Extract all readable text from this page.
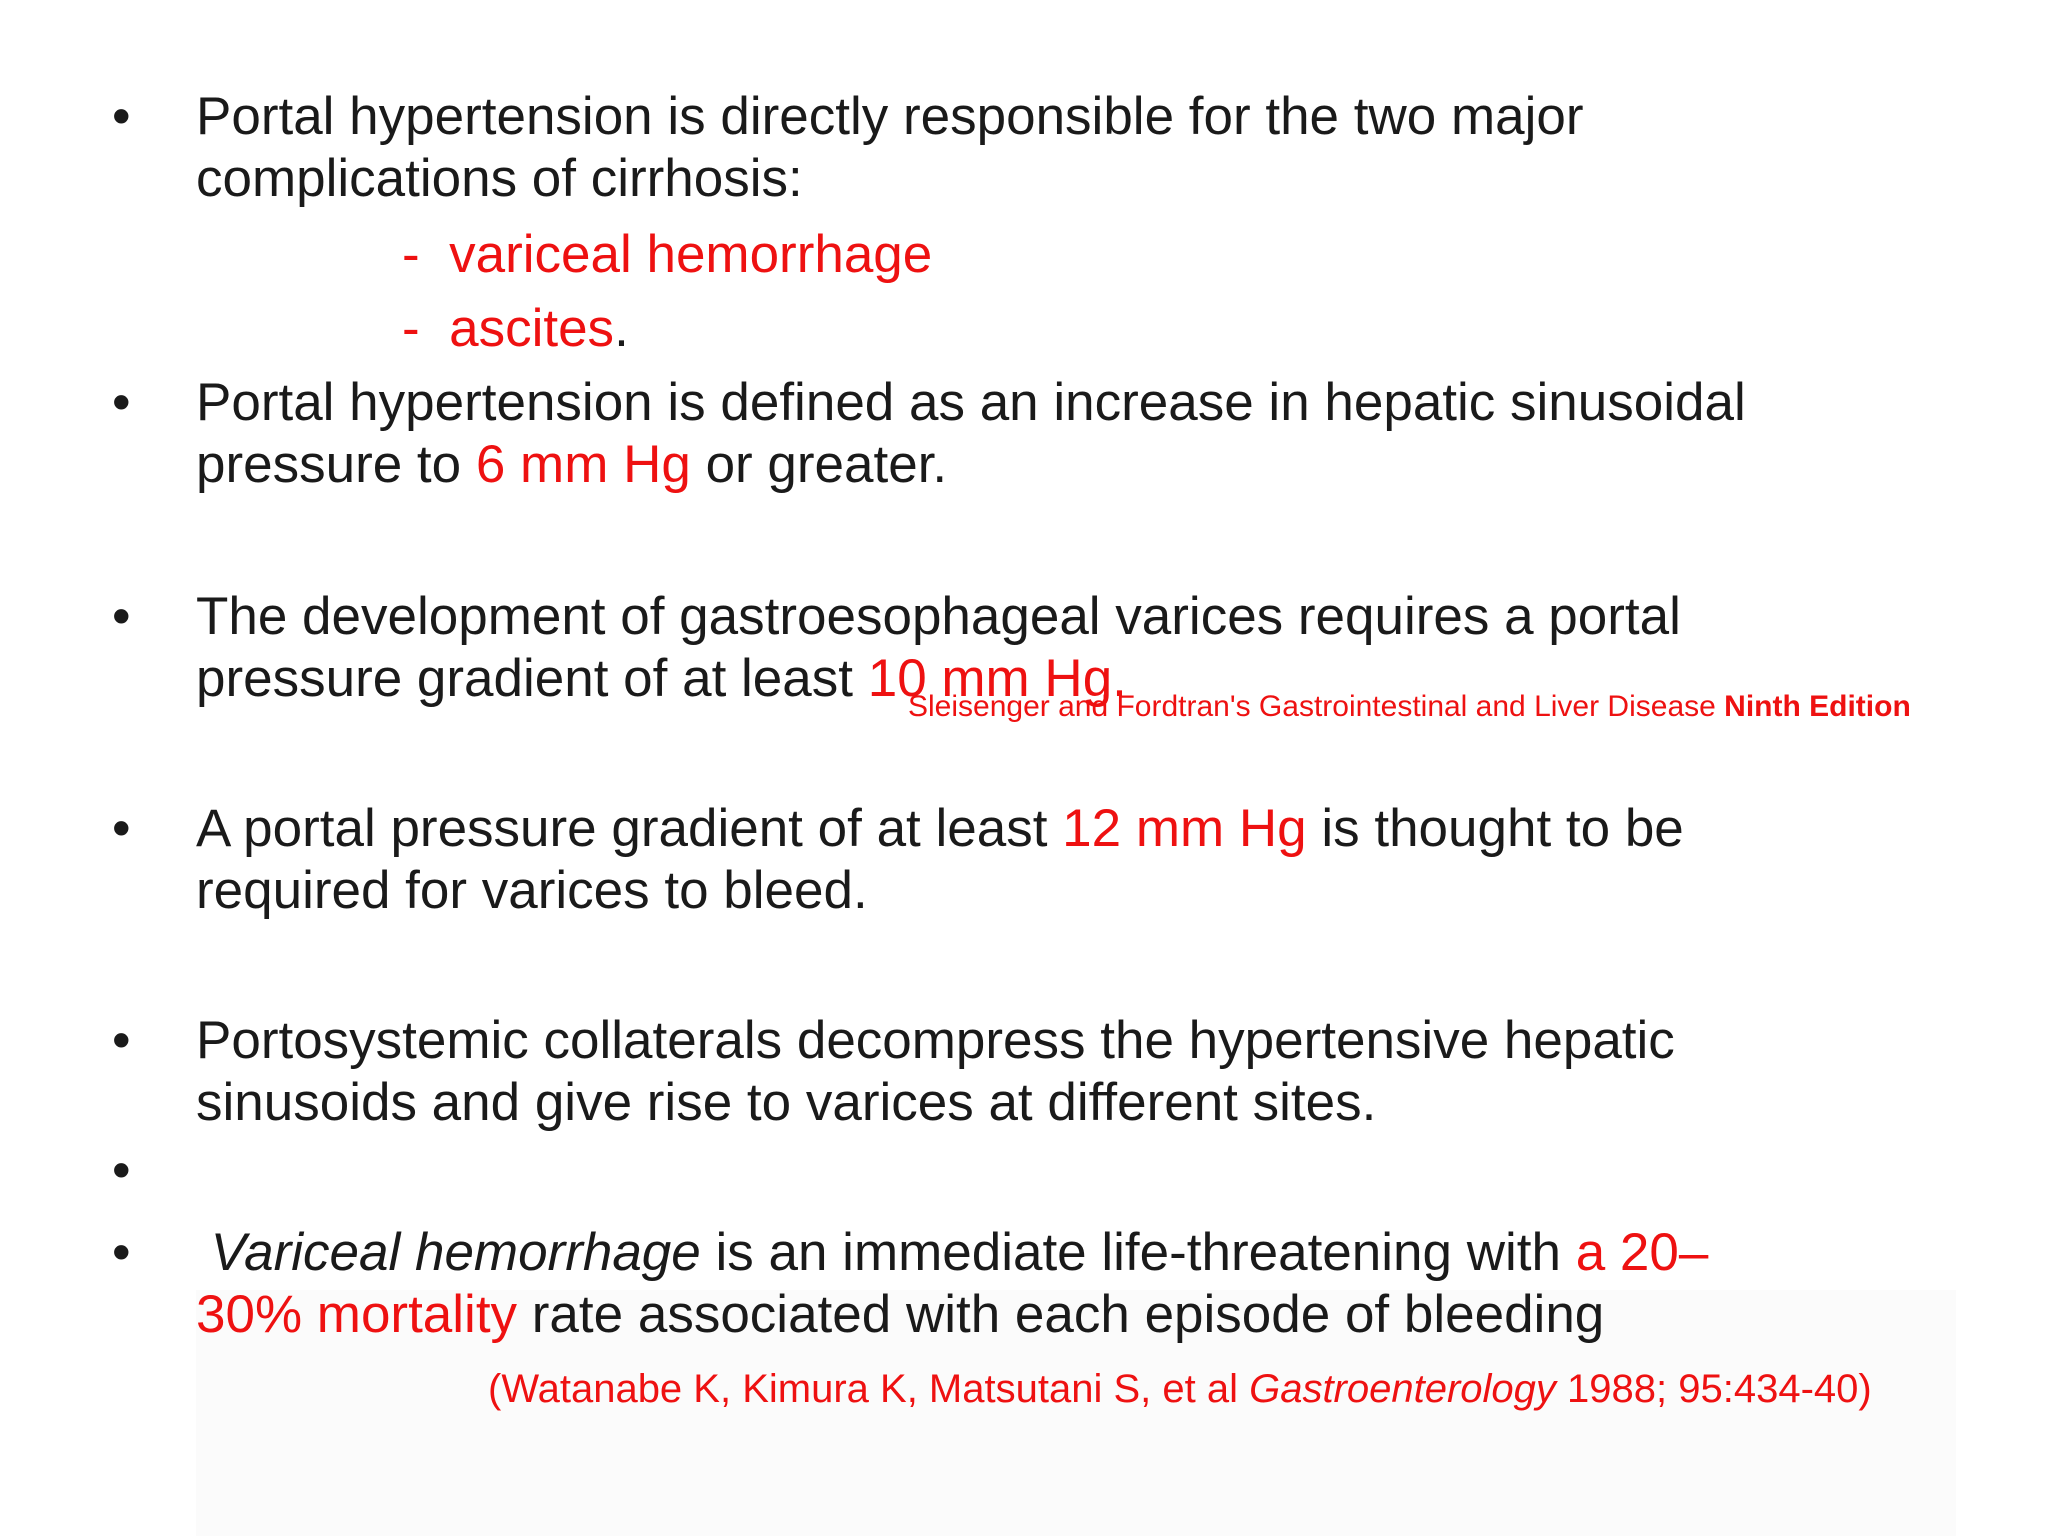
• Portal hypertension is directly responsible for the two major
complications of cirrhosis:
- variceal hemorrhage
- ascites.
• Portal hypertension is defined as an increase in hepatic sinusoidal
pressure to 6 mm Hg or greater.
• The development of gastroesophageal varices requires a portal
pressure gradient of at least 10 mm Hg.
Sleisenger and Fordtran's Gastrointestinal and Liver Disease Ninth Edition
• A portal pressure gradient of at least 12 mm Hg is thought to be
required for varices to bleed.
• Portosystemic collaterals decompress the hypertensive hepatic
sinusoids and give rise to varices at different sites.
•
• Variceal hemorrhage is an immediate life-threatening with a 20–
30% mortality rate associated with each episode of bleeding
(Watanabe K, Kimura K, Matsutani S, et al Gastroenterology 1988; 95:434-40)
